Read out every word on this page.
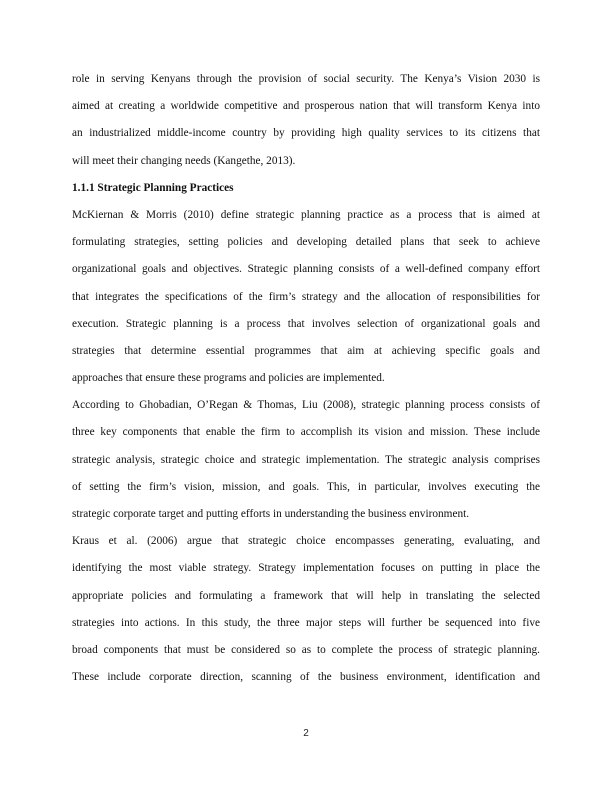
role in serving Kenyans through the provision of social security. The Kenya’s Vision 2030 is
aimed at creating a worldwide competitive and prosperous nation that will transform Kenya into
an industrialized middle-income country by providing high quality services to its citizens that
will meet their changing needs (Kangethe, 2013).
1.1.1 Strategic Planning Practices
McKiernan & Morris (2010) define strategic planning practice as a process that is aimed at
formulating strategies, setting policies and developing detailed plans that seek to achieve
organizational goals and objectives. Strategic planning consists of a well-defined company effort
that integrates the specifications of the firm’s strategy and the allocation of responsibilities for
execution. Strategic planning is a process that involves selection of organizational goals and
strategies that determine essential programmes that aim at achieving specific goals and
approaches that ensure these programs and policies are implemented.
According to Ghobadian, O’Regan & Thomas, Liu (2008), strategic planning process consists of
three key components that enable the firm to accomplish its vision and mission. These include
strategic analysis, strategic choice and strategic implementation. The strategic analysis comprises
of setting the firm’s vision, mission, and goals. This, in particular, involves executing the
strategic corporate target and putting efforts in understanding the business environment.
Kraus et al. (2006) argue that strategic choice encompasses generating, evaluating, and
identifying the most viable strategy. Strategy implementation focuses on putting in place the
appropriate policies and formulating a framework that will help in translating the selected
strategies into actions. In this study, the three major steps will further be sequenced into five
broad components that must be considered so as to complete the process of strategic planning.
These include corporate direction, scanning of the business environment, identification and
2
